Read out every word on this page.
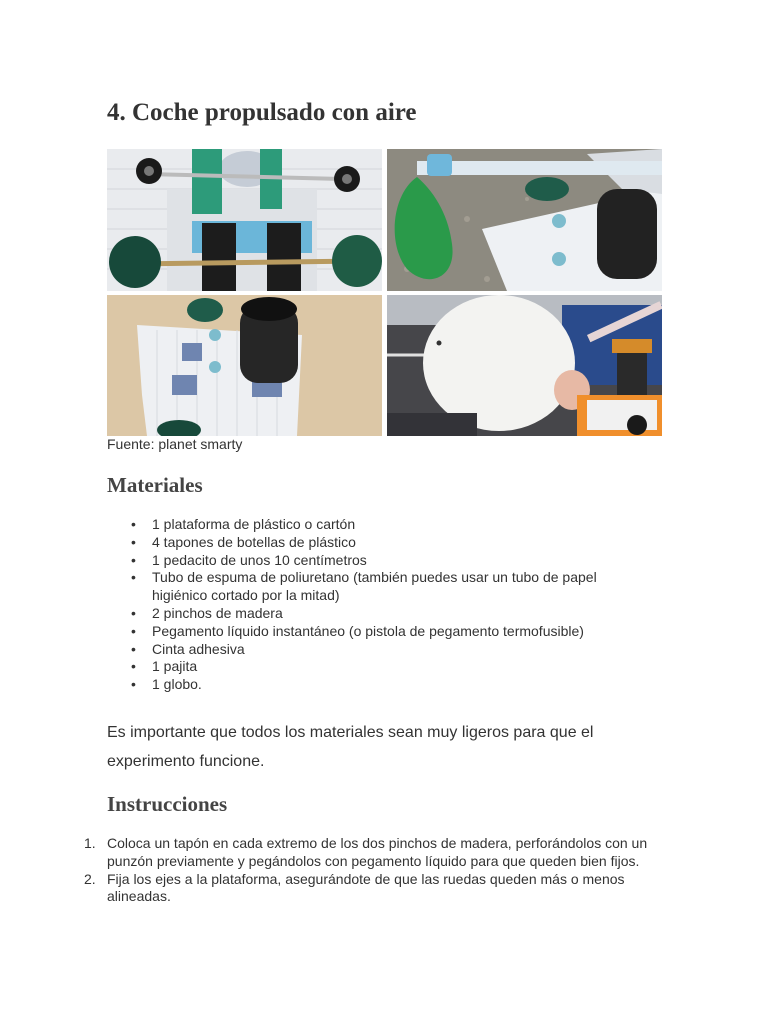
4. Coche propulsado con aire
Fuente: planet smarty
Materiales
• 1 plataforma de plástico o cartón
• 4 tapones de botellas de plástico
• 1 pedacito de unos 10 centímetros
• Tubo de espuma de poliuretano (también puedes usar un tubo de papel higiénico cortado por la mitad)
• 2 pinchos de madera
• Pegamento líquido instantáneo (o pistola de pegamento termofusible)
• Cinta adhesiva
• 1 pajita
• 1 globo.

Es importante que todos los materiales sean muy ligeros para que el experimento funcione.

Instrucciones
1. Coloca un tapón en cada extremo de los dos pinchos de madera, perforándolos con un punzón previamente y pegándolos con pegamento líquido para que queden bien fijos.
2. Fija los ejes a la plataforma, asegurándote de que las ruedas queden más o menos alineadas.
